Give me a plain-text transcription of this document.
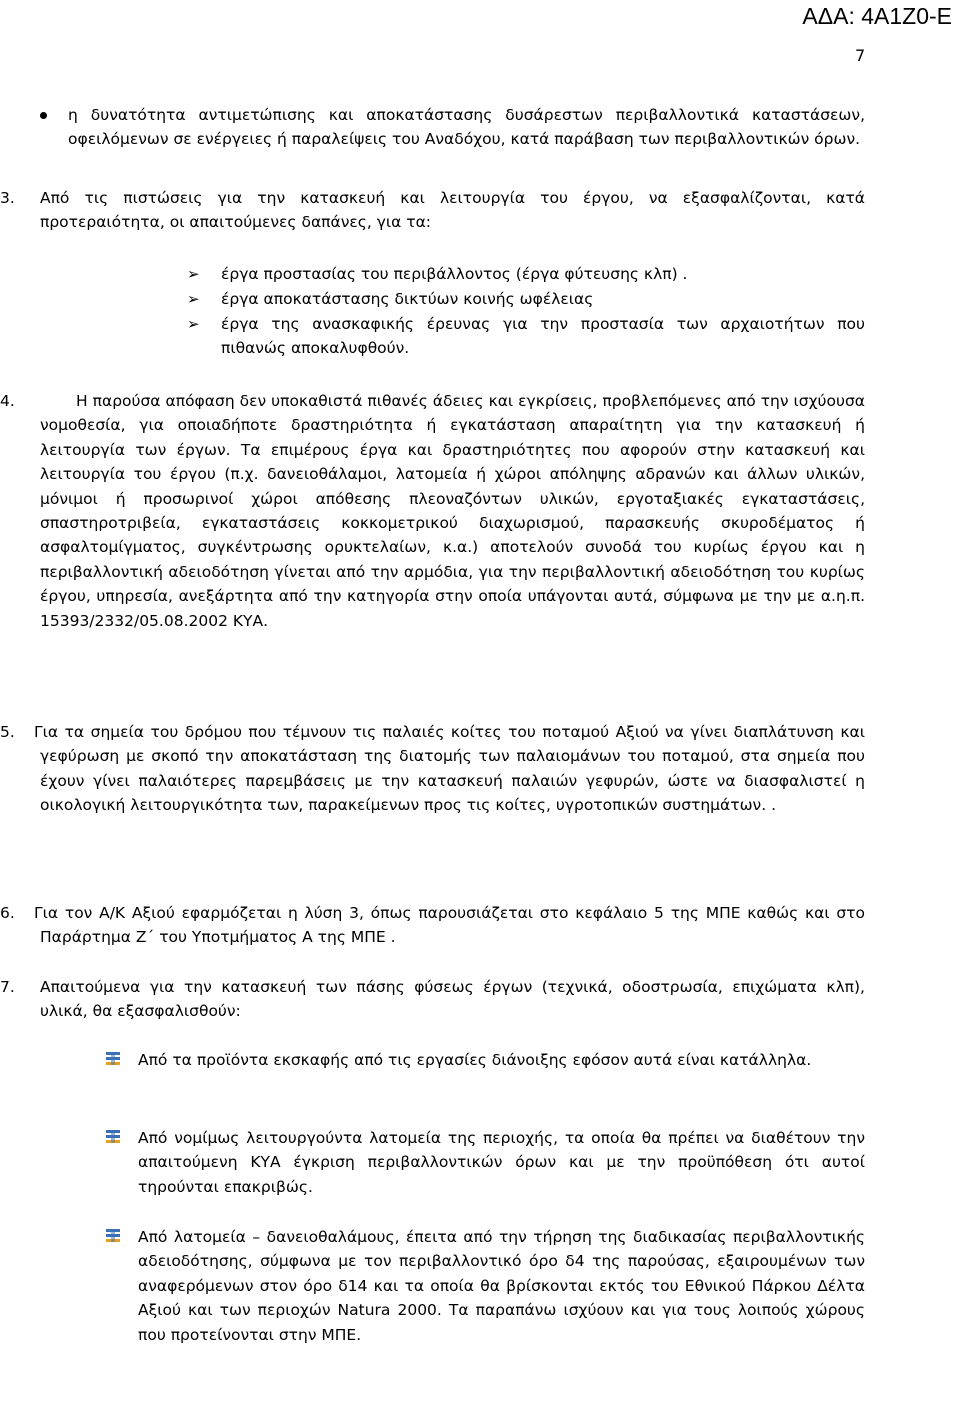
ΑΔΑ: 4Α1Ζ0-Ε
7

η δυνατότητα αντιμετώπισης και αποκατάστασης δυσάρεστων περιβαλλοντικά καταστάσεων, οφειλόμενων σε ενέργειες ή παραλείψεις του Αναδόχου, κατά παράβαση των περιβαλλοντικών όρων.

3. Από τις πιστώσεις για την κατασκευή και λειτουργία του έργου, να εξασφαλίζονται, κατά προτεραιότητα, οι απαιτούμενες δαπάνες, για τα:

➢ έργα προστασίας του περιβάλλοντος (έργα φύτευσης κλπ) .

➢ έργα αποκατάστασης δικτύων κοινής ωφέλειας

➢ έργα της ανασκαφικής έρευνας για την προστασία των αρχαιοτήτων που πιθανώς αποκαλυφθούν.

4.	Η παρούσα απόφαση δεν υποκαθιστά πιθανές άδειες και εγκρίσεις, προβλεπόμενες από την ισχύουσα νομοθεσία, για οποιαδήποτε δραστηριότητα ή εγκατάσταση απαραίτητη για την κατασκευή ή λειτουργία των έργων. Τα επιμέρους έργα και δραστηριότητες που αφορούν στην κατασκευή και λειτουργία του έργου (π.χ. δανειοθάλαμοι, λατομεία ή χώροι απόληψης αδρανών και άλλων υλικών, μόνιμοι ή προσωρινοί χώροι απόθεσης πλεοναζόντων υλικών, εργοταξιακές εγκαταστάσεις, σπαστηροτριβεία, εγκαταστάσεις κοκκομετρικού διαχωρισμού, παρασκευής σκυροδέματος ή ασφαλτομίγματος, συγκέντρωσης ορυκτελαίων, κ.α.) αποτελούν συνοδά του κυρίως έργου και η περιβαλλοντική αδειοδότηση γίνεται από την αρμόδια, για την περιβαλλοντική αδειοδότηση του κυρίως έργου, υπηρεσία, ανεξάρτητα από την κατηγορία στην οποία υπάγονται αυτά, σύμφωνα με την με α.η.π. 15393/2332/05.08.2002 ΚΥΑ.

5. Για τα σημεία του δρόμου που τέμνουν τις παλαιές κοίτες του ποταμού Αξιού να γίνει διαπλάτυνση και γεφύρωση με σκοπό την αποκατάσταση της διατομής των παλαιομάνων του ποταμού, στα σημεία που έχουν γίνει παλαιότερες παρεμβάσεις με την κατασκευή παλαιών γεφυρών, ώστε να διασφαλιστεί η οικολογική λειτουργικότητα των, παρακείμενων προς τις κοίτες, υγροτοπικών συστημάτων. .

6. Για τον Α/Κ Αξιού εφαρμόζεται η λύση 3, όπως παρουσιάζεται στο κεφάλαιο 5 της ΜΠΕ καθώς και στο Παράρτημα Ζ΄ του Υποτμήματος Α της ΜΠΕ .

7. Απαιτούμενα για την κατασκευή των πάσης φύσεως έργων (τεχνικά, οδοστρωσία, επιχώματα κλπ), υλικά, θα εξασφαλισθούν:

Από τα προϊόντα εκσκαφής από τις εργασίες διάνοιξης εφόσον αυτά είναι κατάλληλα.

Από νομίμως λειτουργούντα λατομεία της περιοχής, τα οποία θα πρέπει να διαθέτουν την απαιτούμενη ΚΥΑ έγκριση περιβαλλοντικών όρων και με την προϋπόθεση ότι αυτοί τηρούνται επακριβώς.

Από λατομεία – δανειοθαλάμους, έπειτα από την τήρηση της διαδικασίας περιβαλλοντικής αδειοδότησης, σύμφωνα με τον περιβαλλοντικό όρο δ4 της παρούσας, εξαιρουμένων των αναφερόμενων στον όρο δ14 και τα οποία θα βρίσκονται εκτός του Εθνικού Πάρκου Δέλτα Αξιού και των περιοχών Natura 2000. Τα παραπάνω ισχύουν και για τους λοιπούς χώρους που προτείνονται στην ΜΠΕ.
